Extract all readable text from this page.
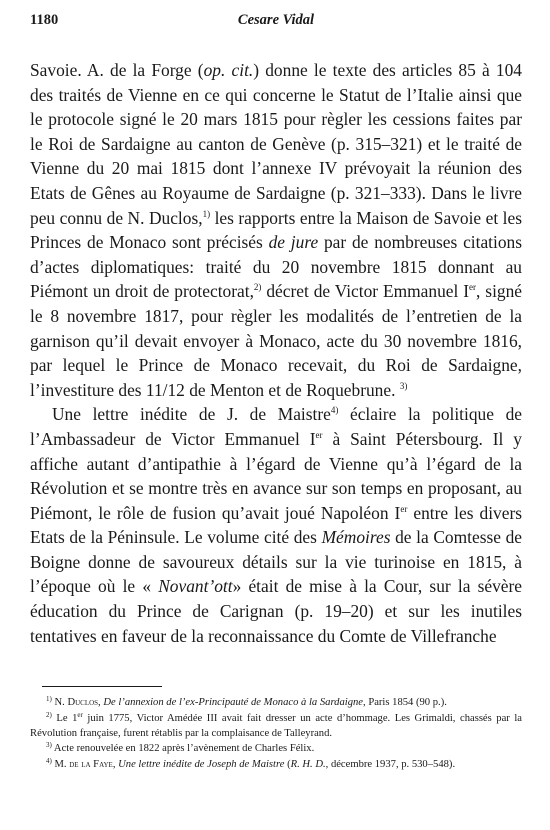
1180	Cesare Vidal

Savoie. A. de la Forge (op. cit.) donne le texte des articles 85 à 104 des traités de Vienne en ce qui concerne le Statut de l’Italie ainsi que le protocole signé le 20 mars 1815 pour règler les cessions faites par le Roi de Sardaigne au canton de Genève (p. 315–321) et le traité de Vienne du 20 mai 1815 dont l’annexe IV prévoyait la réunion des Etats de Gênes au Royaume de Sardaigne (p. 321–333). Dans le livre peu connu de N. Duclos,$^{1)}$ les rapports entre la Maison de Savoie et les Princes de Monaco sont précisés de jure par de nombreuses citations d’actes diplomatiques: traité du 20 novembre 1815 donnant au Piémont un droit de protectorat,$^{2)}$ décret de Victor Emmanuel Ier, signé le 8 novembre 1817, pour règler les modalités de l’entretien de la garnison qu’il devait envoyer à Monaco, acte du 30 novembre 1816, par lequel le Prince de Monaco recevait, du Roi de Sardaigne, l’investiture des 11/12 de Menton et de Roquebrune. $^{3)}$

Une lettre inédite de J. de Maistre$^{4)}$ éclaire la politique de l’Ambassadeur de Victor Emmanuel Ier à Saint Pétersbourg. Il y affiche autant d’antipathie à l’égard de Vienne qu’à l’égard de la Révolution et se montre très en avance sur son temps en proposant, au Piémont, le rôle de fusion qu’avait joué Napoléon Ier entre les divers Etats de la Péninsule. Le volume cité des Mémoires de la Comtesse de Boigne donne de savoureux détails sur la vie turinoise en 1815, à l’époque où le « Novant’ott» était de mise à la Cour, sur la sévère éducation du Prince de Carignan (p. 19–20) et sur les inutiles tentatives en faveur de la reconnaissance du Comte de Villefranche

$^{1)}$ N. Duclos, De l’annexion de l’ex-Principauté de Monaco à la Sardaigne, Paris 1854 (90 p.).

$^{2)}$ Le 1er juin 1775, Victor Amédée III avait fait dresser un acte d’hommage. Les Grimaldi, chassés par la Révolution française, furent rétablis par la complaisance de Talleyrand.

$^{3)}$ Acte renouvelée en 1822 après l’avènement de Charles Félix.

$^{4)}$ M. de la Faye, Une lettre inédite de Joseph de Maistre (R. H. D., décembre 1937, p. 530–548).
